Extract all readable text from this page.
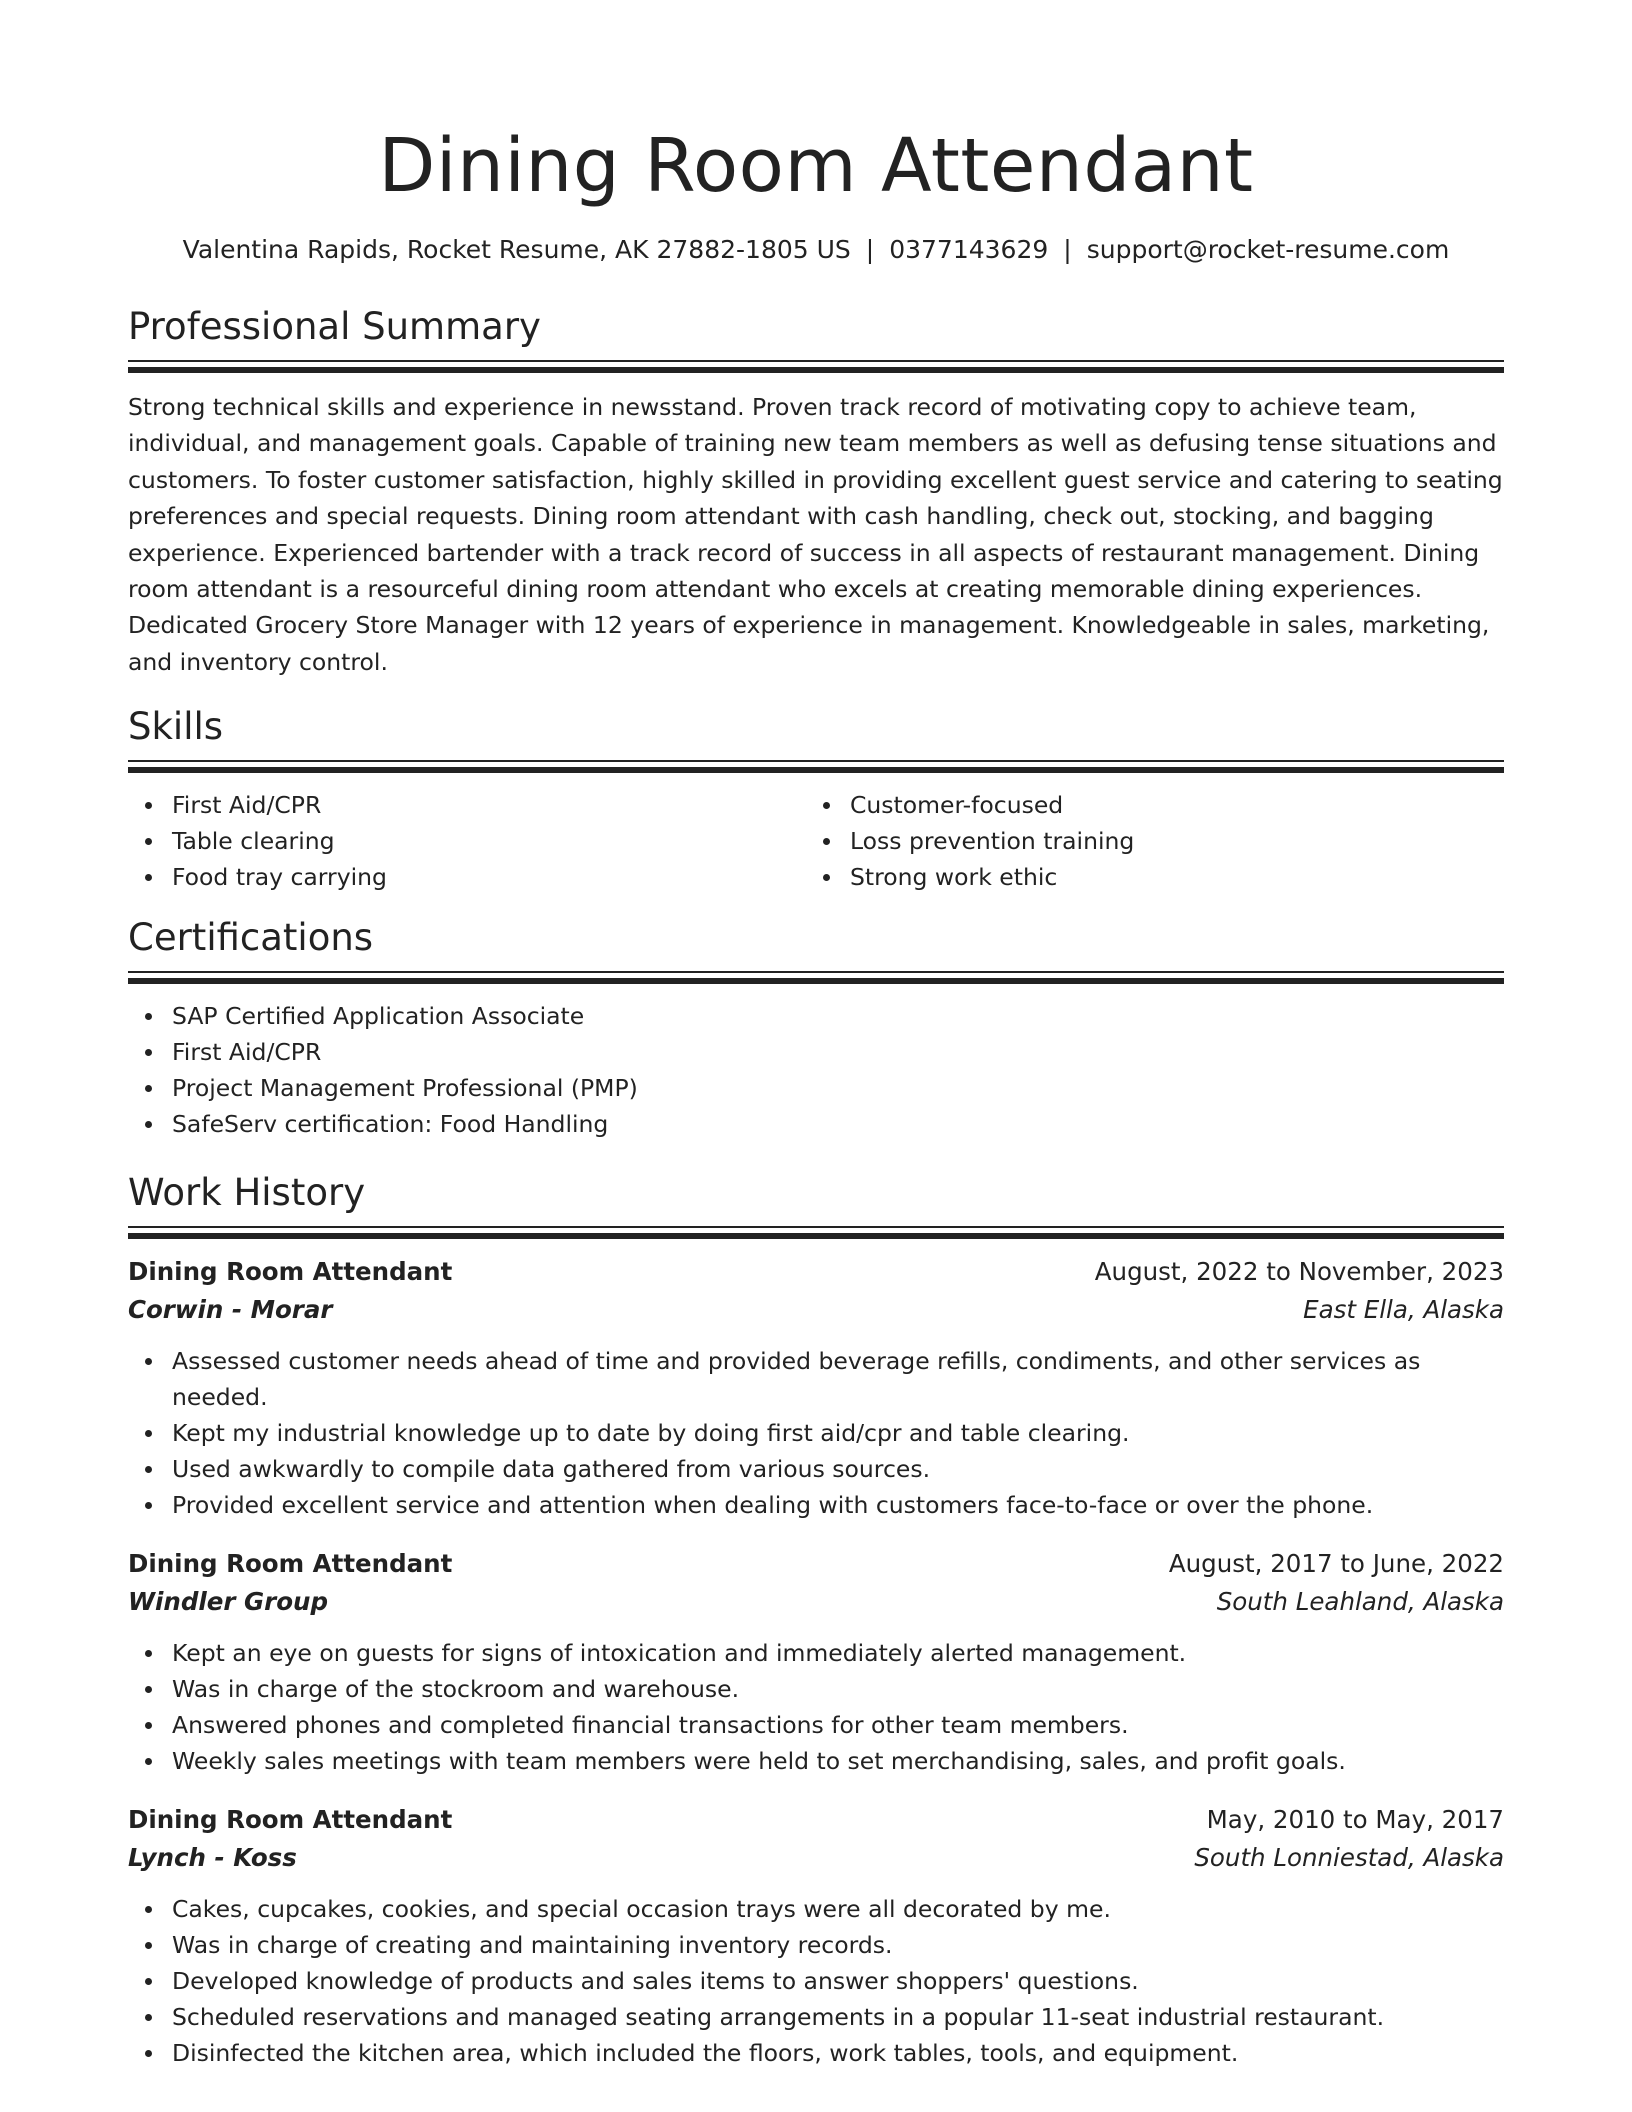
Dining Room Attendant
Valentina Rapids, Rocket Resume, AK 27882-1805 US | 0377143629 | support@rocket-resume.com
Professional Summary

Strong technical skills and experience in newsstand. Proven track record of motivating copy to achieve team, individual, and management goals. Capable of training new team members as well as defusing tense situations and customers. To foster customer satisfaction, highly skilled in providing excellent guest service and catering to seating preferences and special requests. Dining room attendant with cash handling, check out, stocking, and bagging experience. Experienced bartender with a track record of success in all aspects of restaurant management. Dining room attendant is a resourceful dining room attendant who excels at creating memorable dining experiences. Dedicated Grocery Store Manager with 12 years of experience in management. Knowledgeable in sales, marketing, and inventory control.

Skills
First Aid/CPR
Table clearing
Food tray carrying
Customer-focused
Loss prevention training
Strong work ethic
Certifications
SAP Certified Application Associate
First Aid/CPR
Project Management Professional (PMP)
SafeServ certification: Food Handling
Work History
Dining Room Attendant	August, 2022 to November, 2023
Corwin - Morar	East Ella, Alaska
Assessed customer needs ahead of time and provided beverage refills, condiments, and other services as needed.
Kept my industrial knowledge up to date by doing first aid/cpr and table clearing.
Used awkwardly to compile data gathered from various sources.
Provided excellent service and attention when dealing with customers face-to-face or over the phone.
Dining Room Attendant	August, 2017 to June, 2022
Windler Group	South Leahland, Alaska
Kept an eye on guests for signs of intoxication and immediately alerted management.
Was in charge of the stockroom and warehouse.
Answered phones and completed financial transactions for other team members.
Weekly sales meetings with team members were held to set merchandising, sales, and profit goals.
Dining Room Attendant	May, 2010 to May, 2017
Lynch - Koss	South Lonniestad, Alaska
Cakes, cupcakes, cookies, and special occasion trays were all decorated by me.
Was in charge of creating and maintaining inventory records.
Developed knowledge of products and sales items to answer shoppers' questions.
Scheduled reservations and managed seating arrangements in a popular 11-seat industrial restaurant.
Disinfected the kitchen area, which included the floors, work tables, tools, and equipment.
